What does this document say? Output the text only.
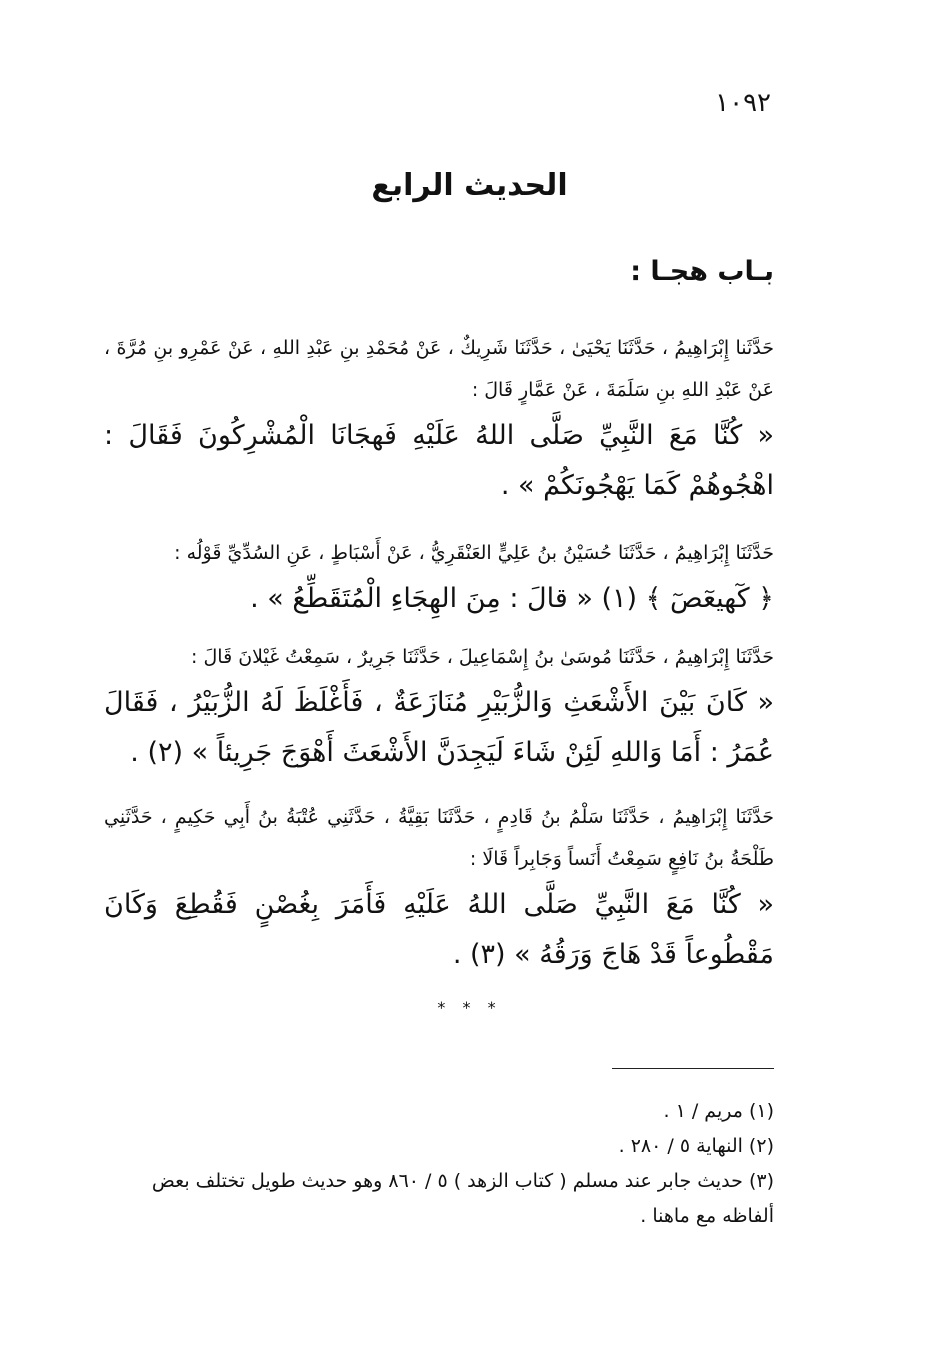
١٠٩٢
الحديث الرابع
بـاب هجـا :
حَدَّثَنا إِبْرَاهِيمُ ، حَدَّثَنَا يَحْيَىٰ ، حَدَّثَنَا شَرِيكٌ ، عَنْ مُحَمْدِ بنِ عَبْدِ اللهِ ، عَنْ عَمْرِو بنِ مُرَّةَ ، عَنْ عَبْدِ اللهِ بنِ سَلَمَةَ ، عَنْ عَمَّارٍ قَالَ :
« كُنَّا مَعَ النَّبِيِّ صَلَّى اللهُ عَلَيْهِ فَهجَانَا الْمُشْرِكُونَ فَقَالَ : اهْجُوهُمْ كَمَا يَهْجُونَكُمْ » .
حَدَّثَنَا إِبْرَاهِيمُ ، حَدَّثَنَا حُسَيْنُ بنُ عَلِيٍّ العَنْقَرِيُّ ، عَنْ أَسْبَاطٍ ، عَنِ السُدِّيِّ قَوْلُه :
﴿ كٓهيعٓصٓ ﴾ (١) « قالَ : مِنَ الهِجَاءِ الْمُتَقَطِّعُ » .
حَدَّثَنَا إِبْرَاهِيمُ ، حَدَّثَنَا مُوسَىٰ بنُ إِسْمَاعِيلَ ، حَدَّثَنَا جَرِيرٌ ، سَمِعْتُ غَيْلانَ قَالَ :
« كَانَ بَيْنَ الأَشْعَثِ وَالزُّبَيْرِ مُنَازَعَةٌ ، فَأَغْلَظَ لَهُ الزُّبَيْرُ ، فَقَالَ عُمَرُ : أَمَا وَاللهِ لَئِنْ شَاءَ لَيَجِدَنَّ الأَشْعَثَ أَهْوَجَ جَرِيئاً » (٢) .
حَدَّثَنَا إِبْرَاهِيمُ ، حَدَّثَنَا سَلْمُ بنُ قَادِمٍ ، حَدَّثَنَا بَقِيَّةُ ، حَدَّثَنِي عُتْبَةُ بنُ أَبِي حَكِيمٍ ، حَدَّثَنِي طَلْحَةُ بنُ نَافِعٍ سَمِعْتُ أَنَساً وَجَابِراً قَالَا :
« كُنَّا مَعَ النَّبِيِّ صَلَّى اللهُ عَلَيْهِ فَأَمَرَ بِغُصْنٍ فَقُطِعَ وَكَانَ مَقْطُوعاً قَدْ هَاجَ وَرَقُهُ » (٣) .
* * *
(١) مريم / ١ .
(٢) النهاية ٥ / ٢٨٠ .
(٣) حديث جابر عند مسلم ( كتاب الزهد ) ٥ / ٨٦٠ وهو حديث طويل تختلف بعض ألفاظه مع ماهنا .
